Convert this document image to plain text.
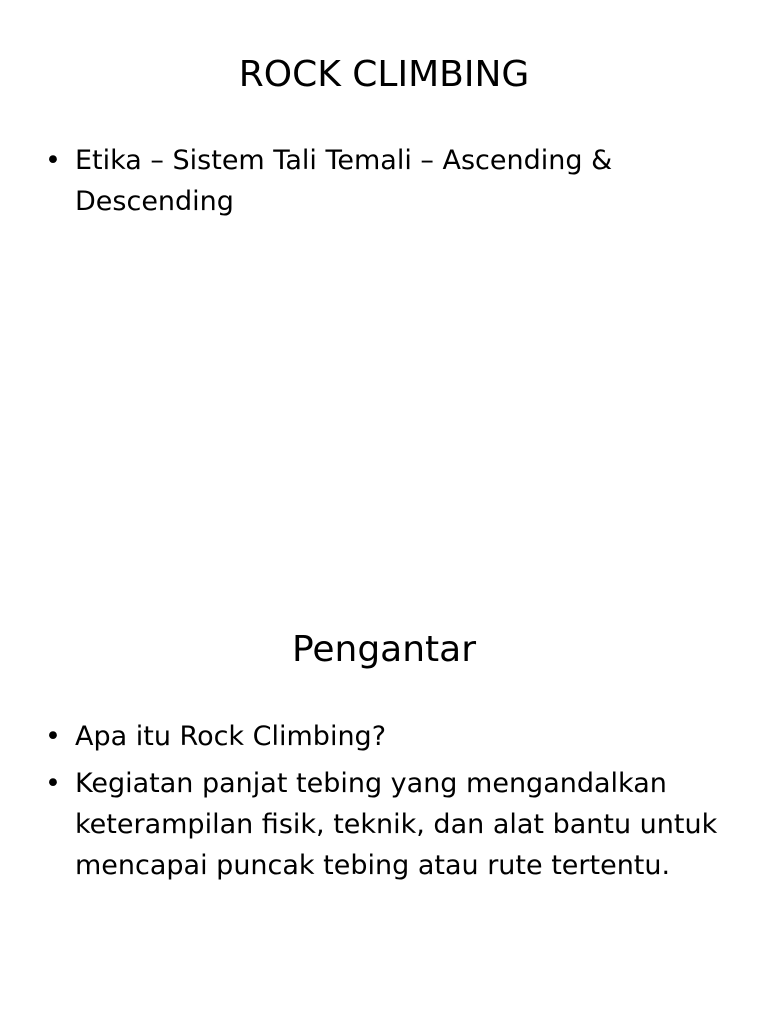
ROCK CLIMBING
• Etika – Sistem Tali Temali – Ascending & Descending
Pengantar
• Apa itu Rock Climbing?
• Kegiatan panjat tebing yang mengandalkan keterampilan fisik, teknik, dan alat bantu untuk mencapai puncak tebing atau rute tertentu.
